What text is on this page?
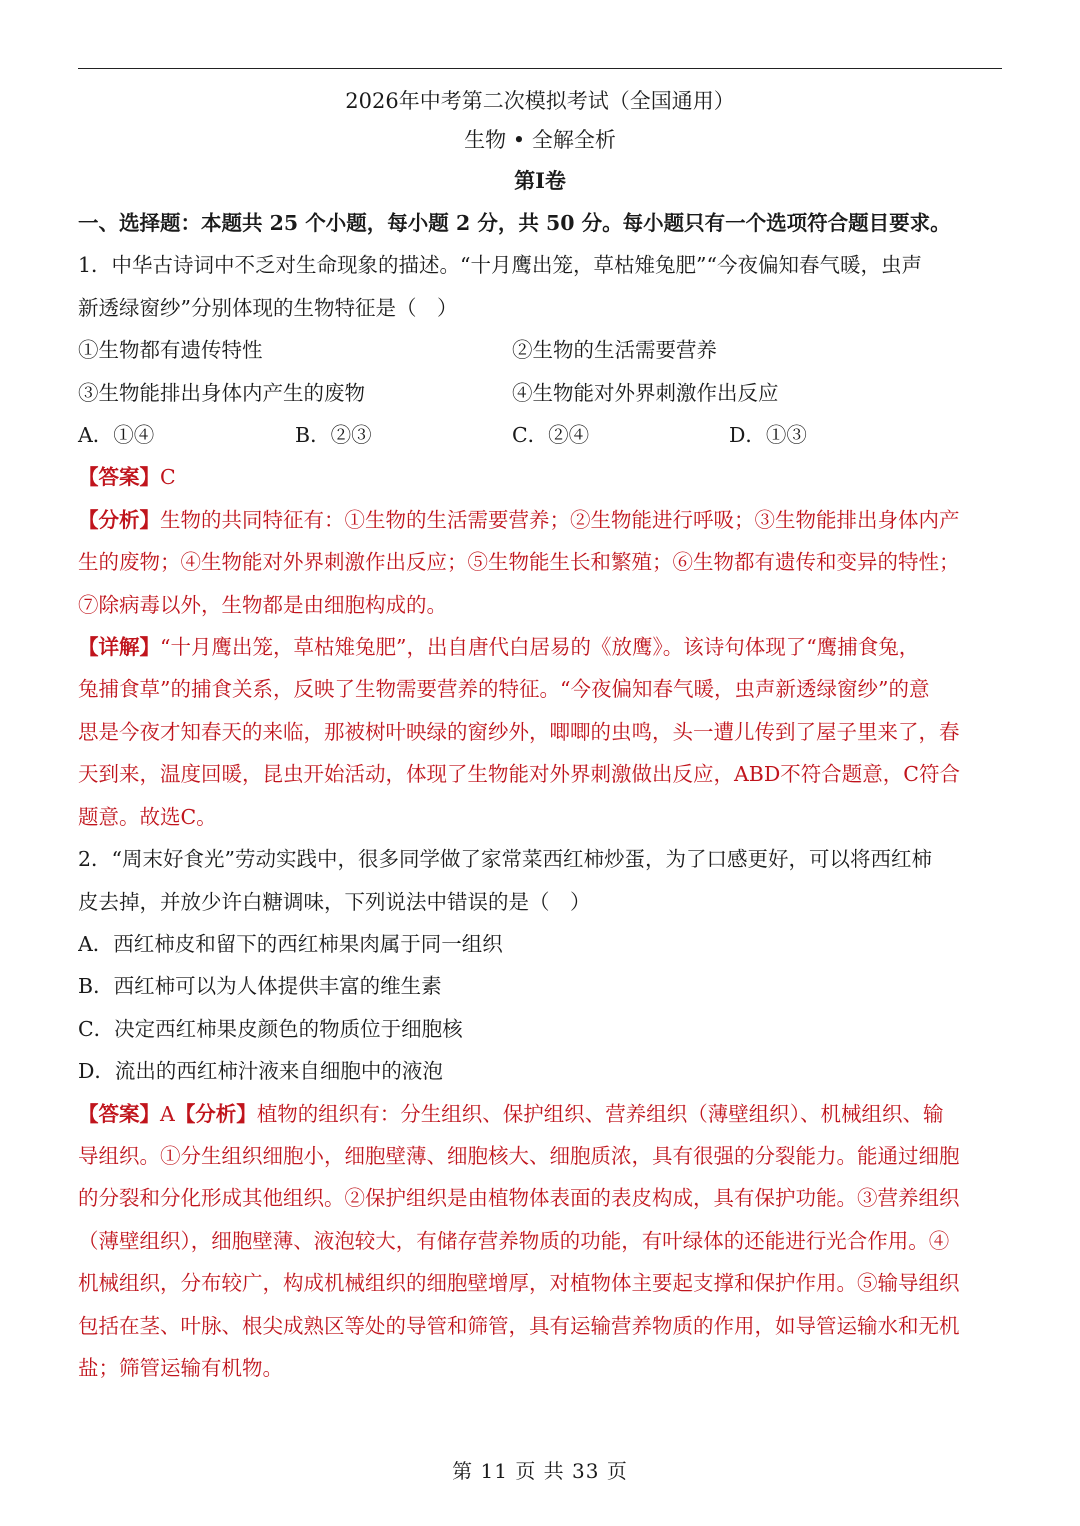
2026年中考第二次模拟考试（全国通用）
生物 • 全解全析
第I卷
一、选择题：本题共 25 个小题，每小题 2 分，共 50 分。每小题只有一个选项符合题目要求。
1．中华古诗词中不乏对生命现象的描述。“十月鹰出笼，草枯雉兔肥”“今夜偏知春气暖，虫声
新透绿窗纱”分别体现的生物特征是（　）
①生物都有遗传特性	②生物的生活需要营养
③生物能排出身体内产生的废物	④生物能对外界刺激作出反应
A．①④	B．②③	C．②④	D．①③
【答案】C
【分析】生物的共同特征有：①生物的生活需要营养；②生物能进行呼吸；③生物能排出身体内产
生的废物；④生物能对外界刺激作出反应；⑤生物能生长和繁殖；⑥生物都有遗传和变异的特性；
⑦除病毒以外，生物都是由细胞构成的。
【详解】“十月鹰出笼，草枯雉兔肥”，出自唐代白居易的《放鹰》。该诗句体现了“鹰捕食兔，
兔捕食草”的捕食关系，反映了生物需要营养的特征。“今夜偏知春气暖，虫声新透绿窗纱”的意
思是今夜才知春天的来临，那被树叶映绿的窗纱外，唧唧的虫鸣，头一遭儿传到了屋子里来了，春
天到来，温度回暖，昆虫开始活动，体现了生物能对外界刺激做出反应，ABD不符合题意，C符合
题意。故选C。
2．“周末好食光”劳动实践中，很多同学做了家常菜西红柿炒蛋，为了口感更好，可以将西红柿
皮去掉，并放少许白糖调味，下列说法中错误的是（　）
A．西红柿皮和留下的西红柿果肉属于同一组织
B．西红柿可以为人体提供丰富的维生素
C．决定西红柿果皮颜色的物质位于细胞核
D．流出的西红柿汁液来自细胞中的液泡
【答案】A【分析】植物的组织有：分生组织、保护组织、营养组织（薄壁组织）、机械组织、输
导组织。①分生组织细胞小，细胞壁薄、细胞核大、细胞质浓，具有很强的分裂能力。能通过细胞
的分裂和分化形成其他组织。②保护组织是由植物体表面的表皮构成，具有保护功能。③营养组织
（薄壁组织），细胞壁薄、液泡较大，有储存营养物质的功能，有叶绿体的还能进行光合作用。④
机械组织，分布较广，构成机械组织的细胞壁增厚，对植物体主要起支撑和保护作用。⑤输导组织
包括在茎、叶脉、根尖成熟区等处的导管和筛管，具有运输营养物质的作用，如导管运输水和无机
盐；筛管运输有机物。
第 11 页 共 33 页
